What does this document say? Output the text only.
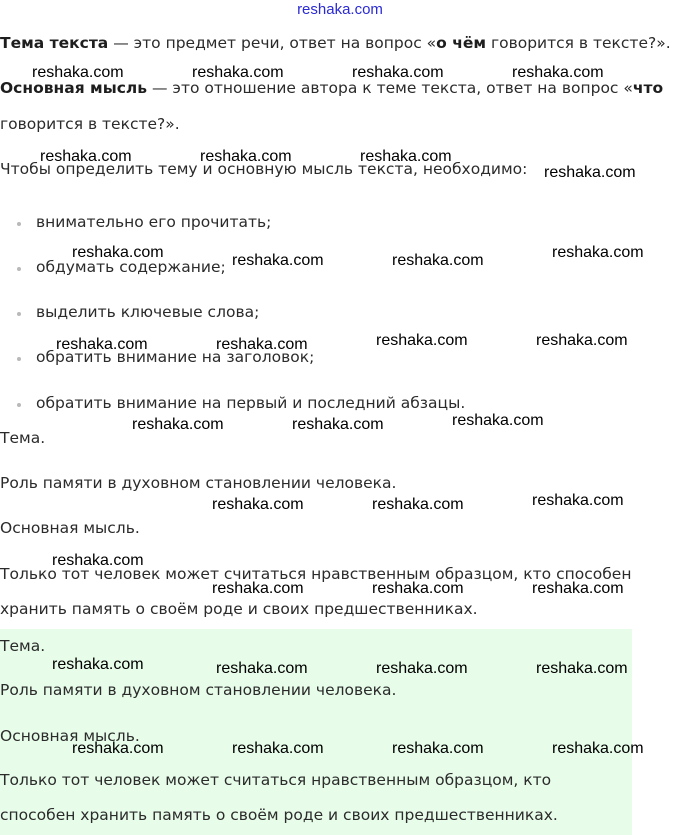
reshaka.com
Тема текста — это предмет речи, ответ на вопрос «о чём говорится в тексте?».
Основная мысль — это отношение автора к теме текста, ответ на вопрос «что
говорится в тексте?».
Чтобы определить тему и основную мысль текста, необходимо:
внимательно его прочитать;
обдумать содержание;
выделить ключевые слова;
обратить внимание на заголовок;
обратить внимание на первый и последний абзацы.
Тема.
Роль памяти в духовном становлении человека.
Основная мысль.
Только тот человек может считаться нравственным образцом, кто способен
хранить память о своём роде и своих предшественниках.
Тема.
Роль памяти в духовном становлении человека.
Основная мысль.
Только тот человек может считаться нравственным образцом, кто
способен хранить память о своём роде и своих предшественниках.
reshaka.com	reshaka.com	reshaka.com	reshaka.com
reshaka.com	reshaka.com	reshaka.com
reshaka.com
reshaka.com	reshaka.com	reshaka.com	reshaka.com
reshaka.com	reshaka.com	reshaka.com	reshaka.com
reshaka.com	reshaka.com	reshaka.com
reshaka.com	reshaka.com	reshaka.com
reshaka.com
reshaka.com	reshaka.com	reshaka.com
reshaka.com	reshaka.com	reshaka.com	reshaka.com
reshaka.com	reshaka.com	reshaka.com	reshaka.com
